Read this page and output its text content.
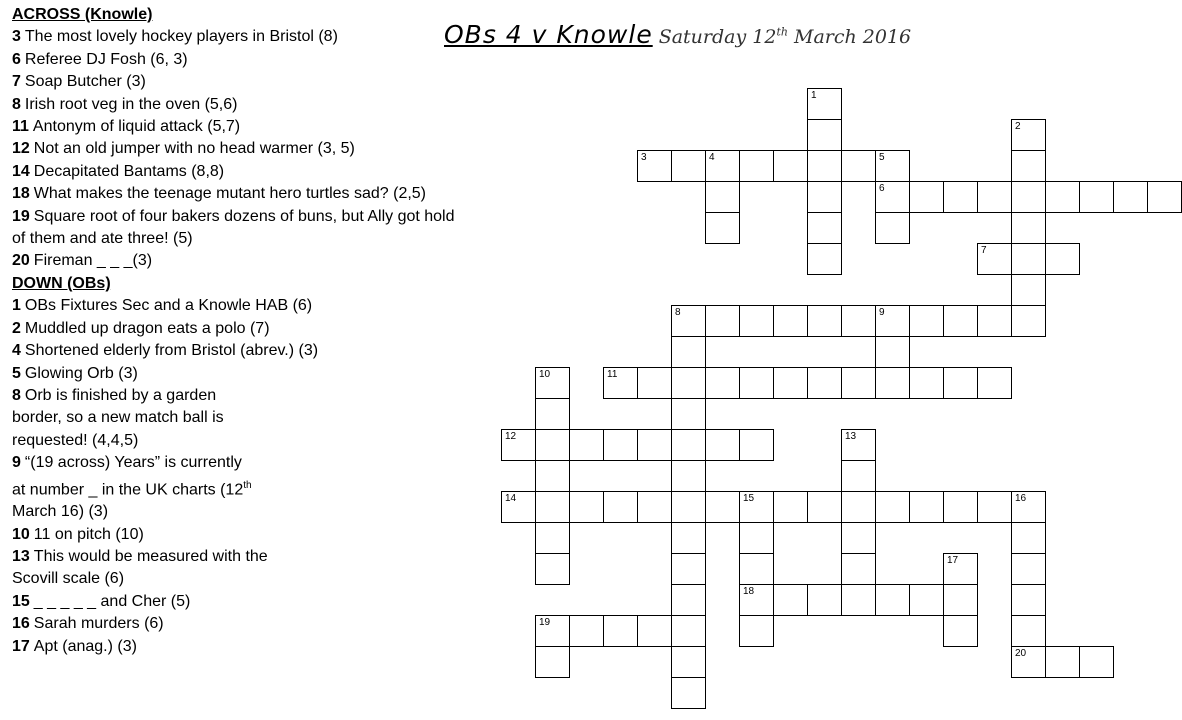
ACROSS (Knowle)
3 The most lovely hockey players in Bristol (8)
6 Referee DJ Fosh (6, 3)
7 Soap Butcher (3)
8 Irish root veg in the oven (5,6)
11 Antonym of liquid attack (5,7)
12 Not an old jumper with no head warmer (3, 5)
14 Decapitated Bantams (8,8)
18 What makes the teenage mutant hero turtles sad? (2,5)
19 Square root of four bakers dozens of buns, but Ally got hold of them and ate three! (5)
20 Fireman _ _ _(3)
DOWN (OBs)
1 OBs Fixtures Sec and a Knowle HAB (6)
2 Muddled up dragon eats a polo (7)
4 Shortened elderly from Bristol (abrev.) (3)
5 Glowing Orb (3)
8 Orb is finished by a garden border, so a new match ball is requested! (4,4,5)
9 “(19 across) Years” is currently at number _ in the UK charts (12th March 16) (3)
10 11 on pitch (10)
13 This would be measured with the Scovill scale (6)
15 _ _ _ _ _ and Cher (5)
16 Sarah murders (6)
17 Apt (anag.) (3)
OBs 4 v Knowle Saturday 12th March 2016
1
2
3	4	5
6
7
8	9
10	11
12	13
14	15	16
17
18
19
20
